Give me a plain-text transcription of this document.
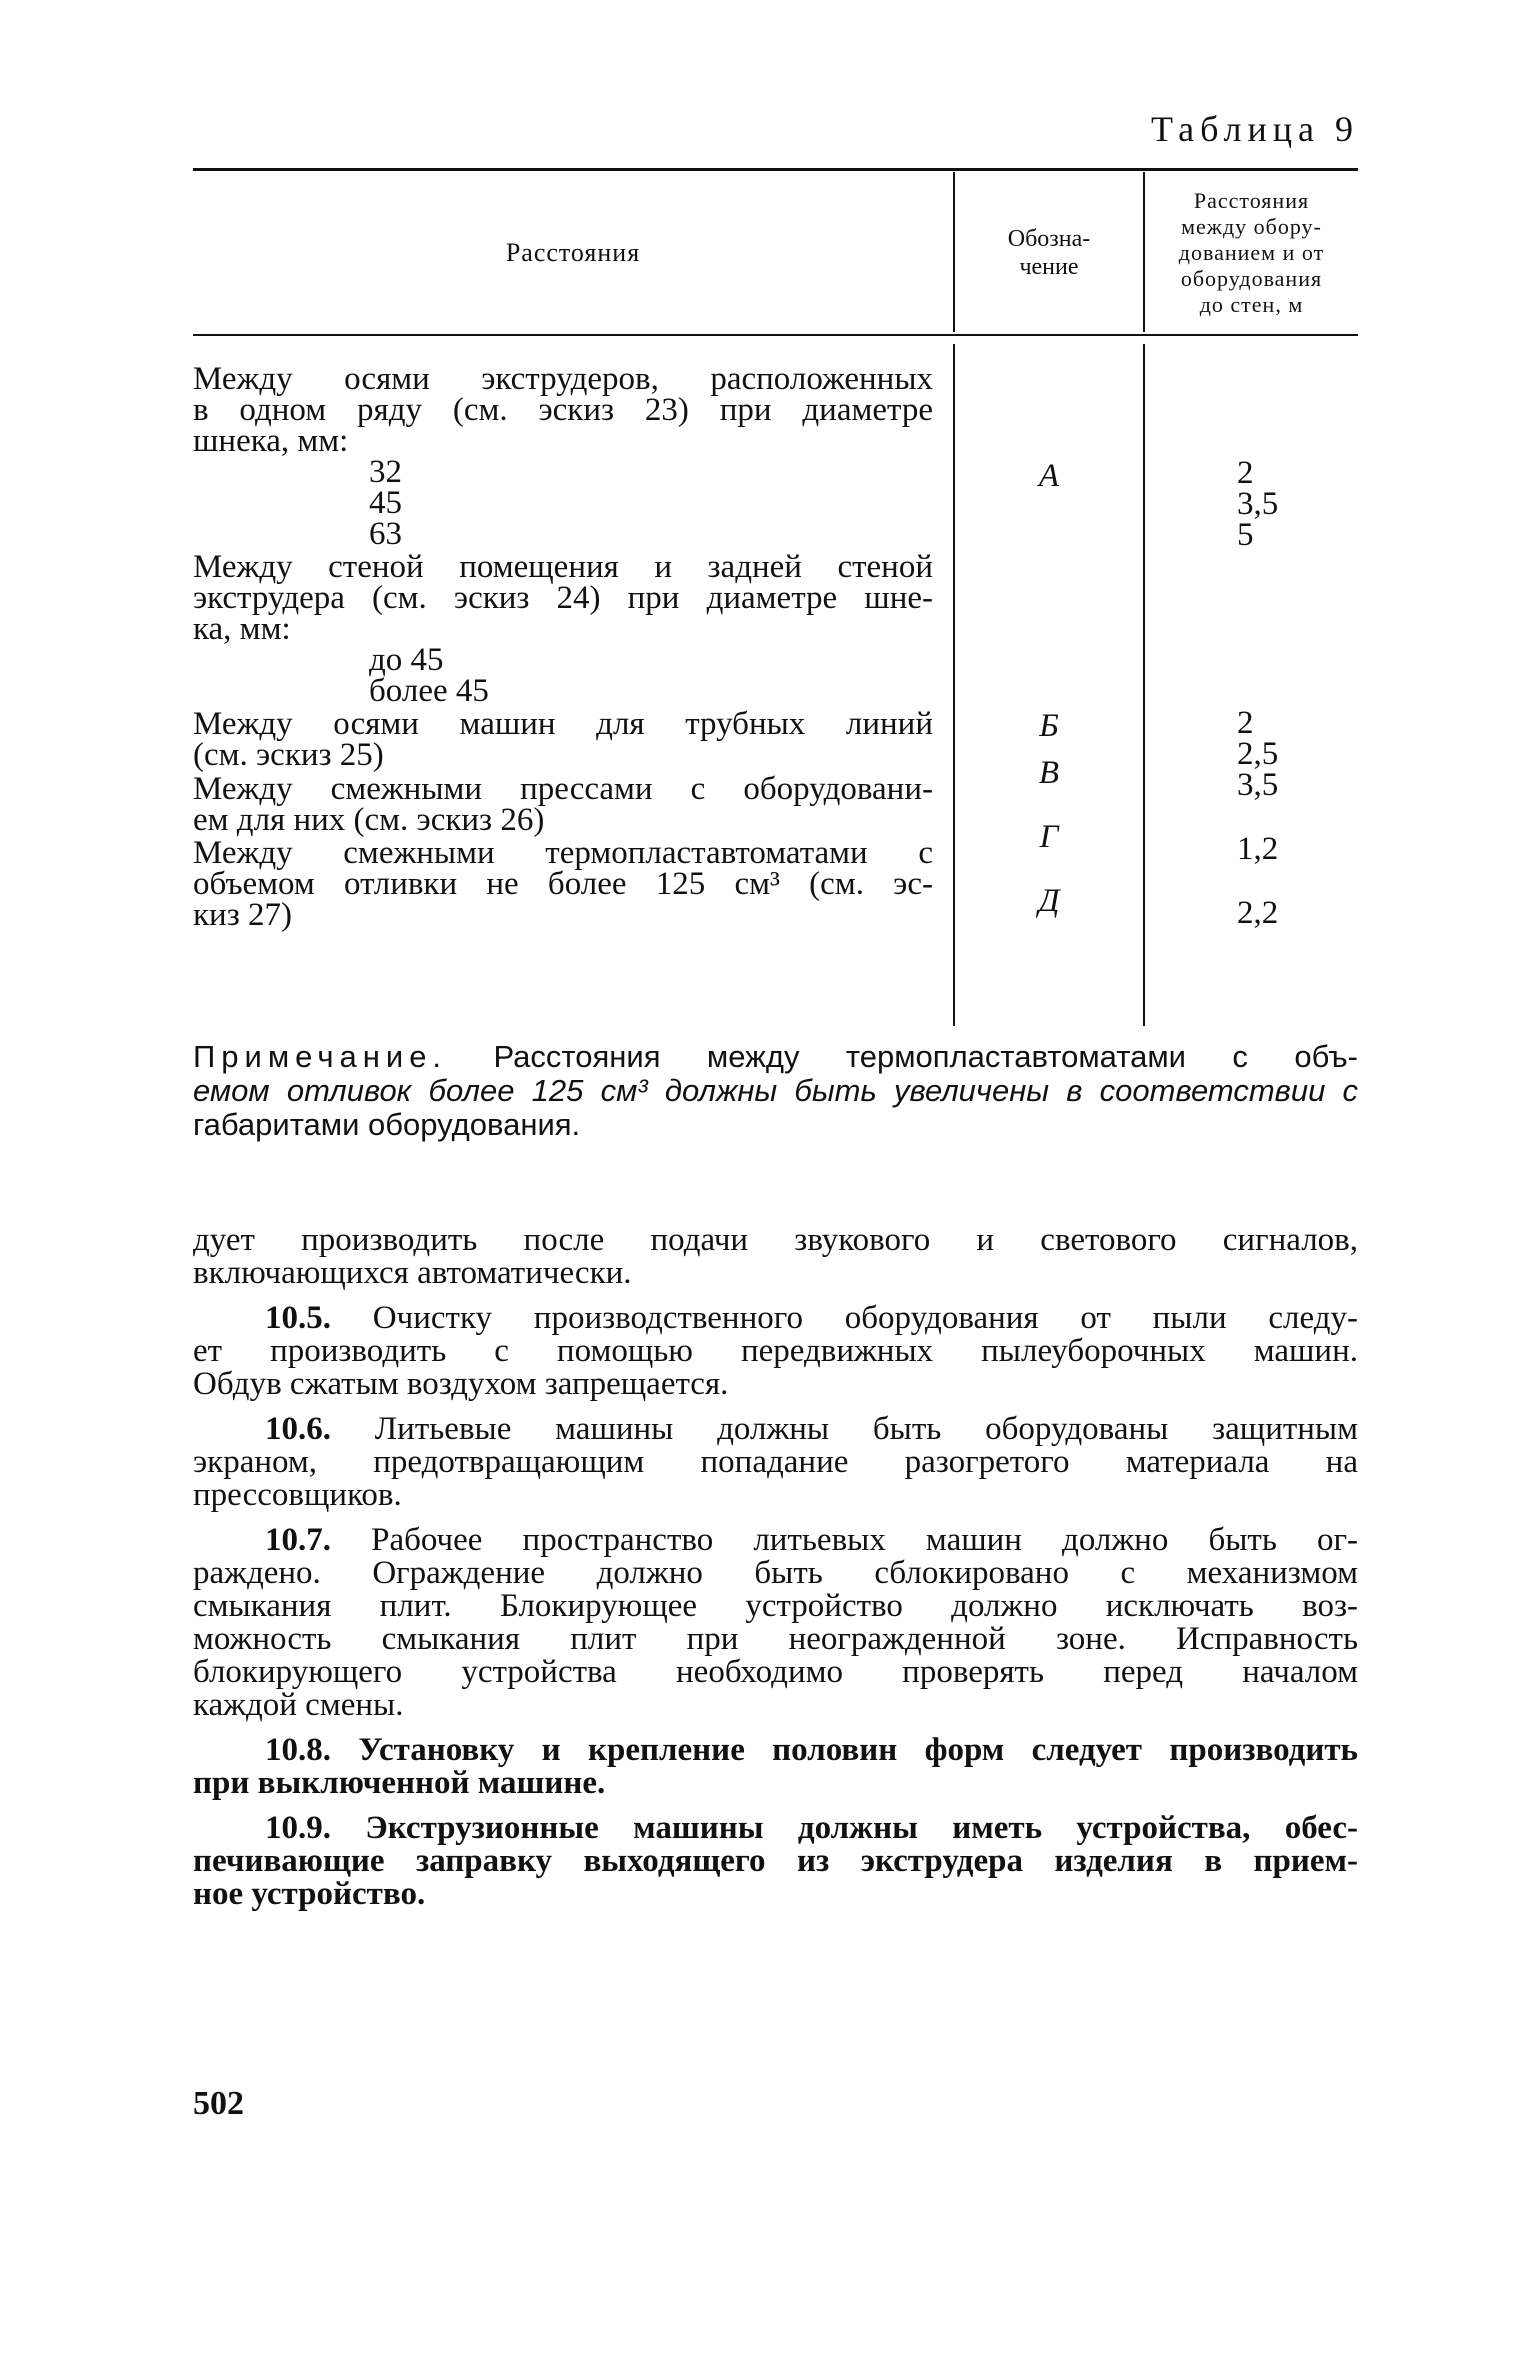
Таблица 9
Расстояния	Обозна-
чение
Расстояния
между обору-
дованием и от
оборудования
до стен, м
Между осями экструдеров, расположенных
в одном ряду (см. эскиз 23) при диаметре
шнека, мм:
32
45
63
Между стеной помещения и задней стеной
экструдера (см. эскиз 24) при диаметре шне-
ка, мм:
до 45
более 45
Между осями машин для трубных линий
(см. эскиз 25)
Между смежными прессами с оборудовани-
ем для них (см. эскиз 26)
Между смежными термопластавтоматами с
объемом отливки не более 125 см³ (см. эс-
киз 27)
А
Б
В
Г
Д
2
3,5
5
2
2,5
3,5
1,2
2,2
Примечание. Расстояния между термопластавтоматами с объ-
емом отливок более 125 см³ должны быть увеличены в соответствии с
габаритами оборудования.

дует производить после подачи звукового и светового сигналов,
включающихся автоматически.

10.5. Очистку производственного оборудования от пыли следу-
ет производить с помощью передвижных пылеуборочных машин.
Обдув сжатым воздухом запрещается.

10.6. Литьевые машины должны быть оборудованы защитным
экраном, предотвращающим попадание разогретого материала на
прессовщиков.

10.7. Рабочее пространство литьевых машин должно быть ог-
раждено. Ограждение должно быть сблокировано с механизмом
смыкания плит. Блокирующее устройство должно исключать воз-
можность смыкания плит при неогражденной зоне. Исправность
блокирующего устройства необходимо проверять перед началом
каждой смены.

10.8. Установку и крепление половин форм следует производить
при выключенной машине.

10.9. Экструзионные машины должны иметь устройства, обес-
печивающие заправку выходящего из экструдера изделия в прием-
ное устройство.

502
